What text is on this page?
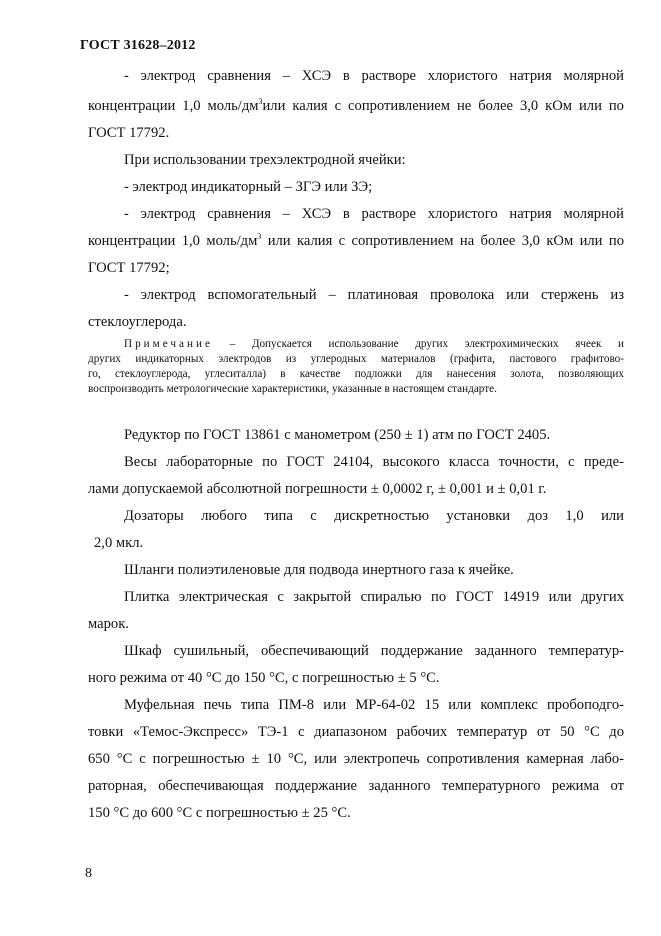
ГОСТ 31628–2012
- электрод сравнения – ХСЭ в растворе хлористого натрия молярной
концентрации 1,0 моль/$дм^3или$ калия с сопротивлением не более 3,0 кОм или по
ГОСТ 17792.
При использовании трехэлектродной ячейки:
- электрод индикаторный – ЗГЭ или ЗЭ;
- электрод сравнения – ХСЭ в растворе хлористого натрия молярной
концентрации 1,0 моль/$дм^3$ или калия с сопротивлением на более 3,0 кОм или по
ГОСТ 17792;
- электрод вспомогательный – платиновая проволока или стержень из
стеклоуглерода.
Примечание – Допускается использование других электрохимических ячеек и
других индикаторных электродов из углеродных материалов (графита, пастового графитово-
го, стеклоуглерода, углеситалла) в качестве подложки для нанесения золота, позволяющих
воспроизводить метрологические характеристики, указанные в настоящем стандарте.
Редуктор по ГОСТ 13861 с манометром (250 ± 1) атм по ГОСТ 2405.
Весы лабораторные по ГОСТ 24104, высокого класса точности, с преде-
лами допускаемой абсолютной погрешности ± 0,0002 г, ± 0,001 и ± 0,01 г.
Дозаторы любого типа с дискретностью установки доз 1,0 или
2,0 мкл.
Шланги полиэтиленовые для подвода инертного газа к ячейке.
Плитка электрическая с закрытой спиралью по ГОСТ 14919 или других
марок.
Шкаф сушильный, обеспечивающий поддержание заданного температур-
ного режима от 40 °С до 150 °С, с погрешностью ± 5 °С.
Муфельная печь типа ПМ-8 или МР-64-02 15 или комплекс пробоподго-
товки «Темос-Экспресс» ТЭ-1 с диапазоном рабочих температур от 50 °С до
650 °С с погрешностью ± 10 °С, или электропечь сопротивления камерная лабо-
раторная, обеспечивающая поддержание заданного температурного режима от
150 °С до 600 °С с погрешностью ± 25 °С.
8
